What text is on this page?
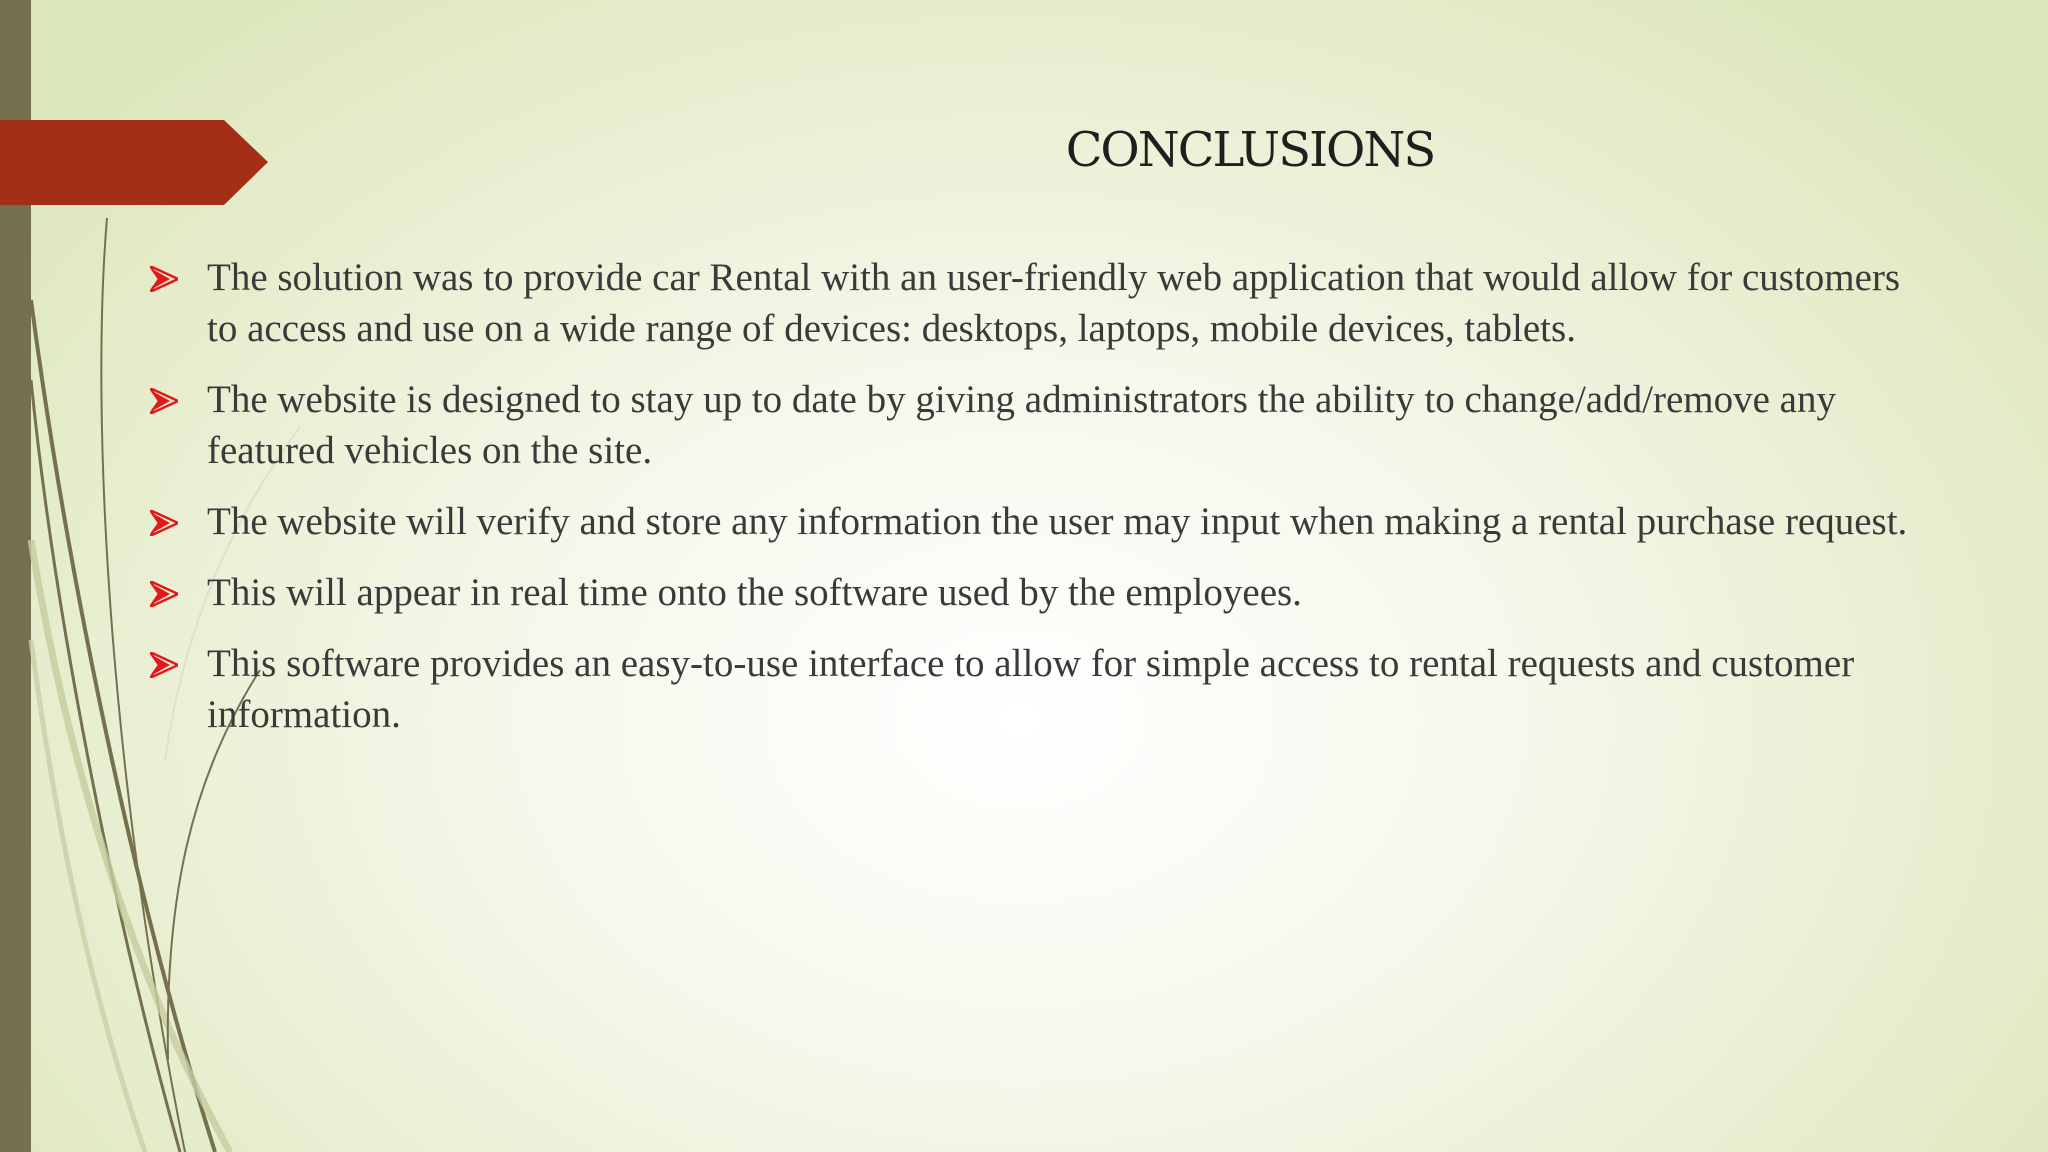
CONCLUSIONS
The solution was to provide car Rental with an user-friendly web application that would allow for customers to access and use on a wide range of devices: desktops, laptops, mobile devices, tablets.
The website is designed to stay up to date by giving administrators the ability to change/add/remove any featured vehicles on the site.
The website will verify and store any information the user may input when making a rental purchase request.
This will appear in real time onto the software used by the employees.
This software provides an easy-to-use interface to allow for simple access to rental requests and customer information.
